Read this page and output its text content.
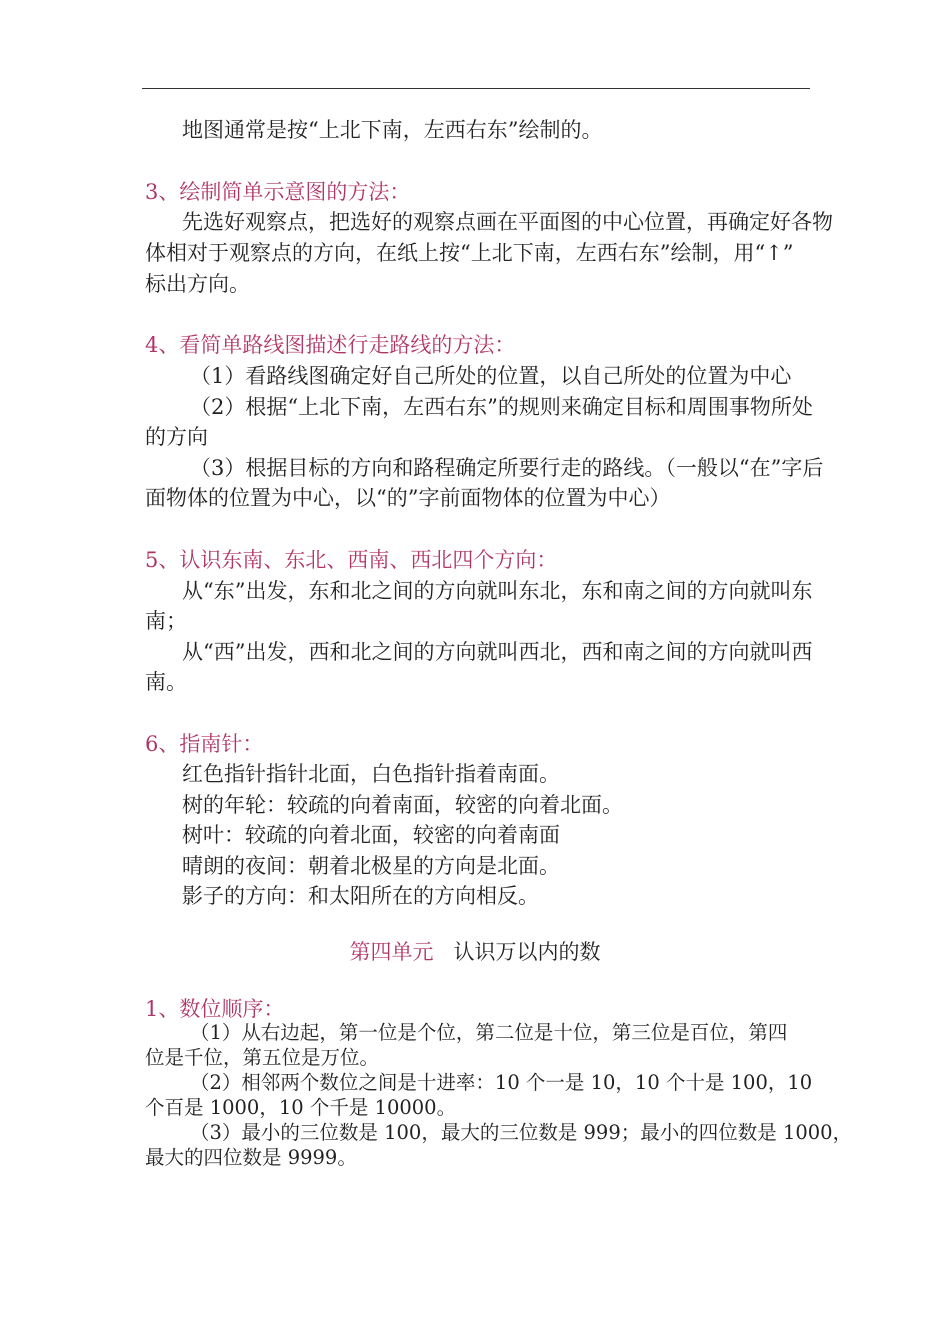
地图通常是按“上北下南，左西右东”绘制的。
3、绘制简单示意图的方法：
先选好观察点，把选好的观察点画在平面图的中心位置，再确定好各物
体相对于观察点的方向，在纸上按“上北下南，左西右东”绘制，用“↑”
标出方向。
4、看简单路线图描述行走路线的方法：
（1）看路线图确定好自己所处的位置，以自己所处的位置为中心
（2）根据“上北下南，左西右东”的规则来确定目标和周围事物所处
的方向
（3）根据目标的方向和路程确定所要行走的路线。（一般以“在”字后
面物体的位置为中心，以“的”字前面物体的位置为中心）
5、认识东南、东北、西南、西北四个方向：
从“东”出发，东和北之间的方向就叫东北，东和南之间的方向就叫东
南；
从“西”出发，西和北之间的方向就叫西北，西和南之间的方向就叫西
南。
6、指南针：
红色指针指针北面，白色指针指着南面。
树的年轮：较疏的向着南面，较密的向着北面。
树叶：较疏的向着北面，较密的向着南面
晴朗的夜间：朝着北极星的方向是北面。
影子的方向：和太阳所在的方向相反。
第四单元 认识万以内的数
1、数位顺序：
（1）从右边起，第一位是个位，第二位是十位，第三位是百位，第四
位是千位，第五位是万位。
（2）相邻两个数位之间是十进率：10 个一是 10，10 个十是 100，10
个百是 1000，10 个千是 10000。
（3）最小的三位数是 100，最大的三位数是 999；最小的四位数是 1000，
最大的四位数是 9999。
